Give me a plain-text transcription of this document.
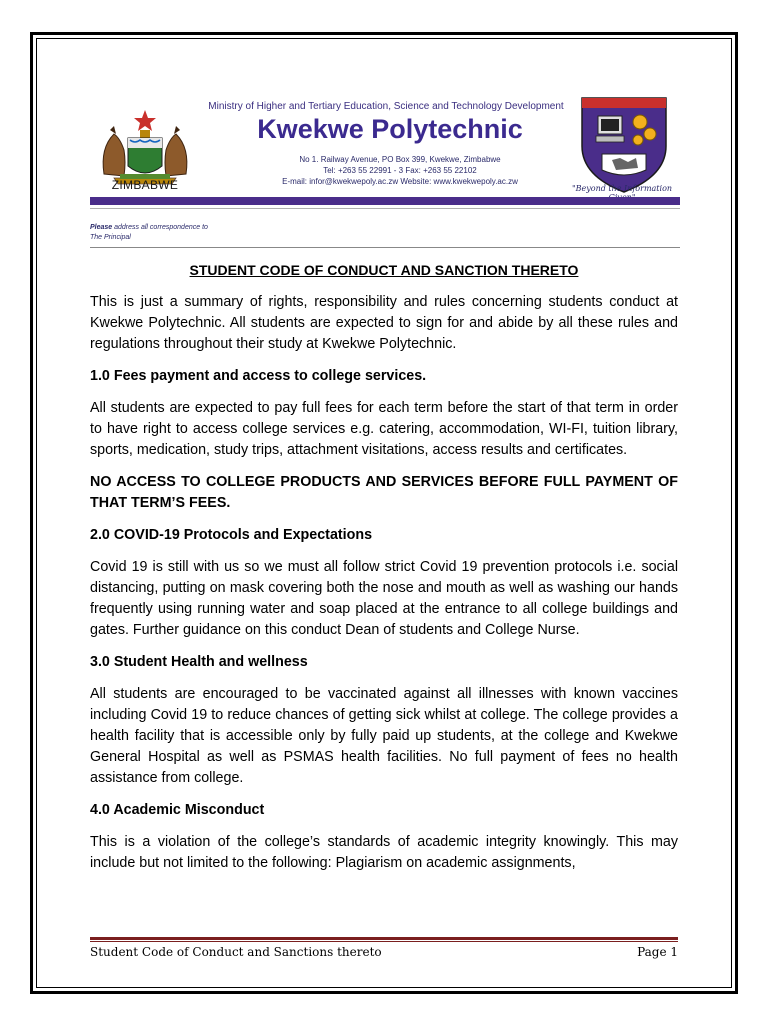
ZIMBABWE
Ministry of Higher and Tertiary Education, Science and Technology Development
Kwekwe Polytechnic
No 1. Railway Avenue, PO Box 399, Kwekwe, Zimbabwe
Tel: +263 55 22991 - 3 Fax: +263 55 22102
E-mail: infor@kwekwepoly.ac.zw Website: www.kwekwepoly.ac.zw
"Beyond the Information
Please address all correspondence to
The Principal
STUDENT CODE OF CONDUCT AND SANCTION THERETO

This is just a summary of rights, responsibility and rules concerning students conduct at Kwekwe Polytechnic. All students are expected to sign for and abide by all these rules and regulations throughout their study at Kwekwe Polytechnic.

1.0 Fees payment and access to college services.

All students are expected to pay full fees for each term before the start of that term in order to have right to access college services e.g. catering, accommodation, WI-FI, tuition library, sports, medication, study trips, attachment visitations, access results and certificates.

NO ACCESS TO COLLEGE PRODUCTS AND SERVICES BEFORE FULL PAYMENT OF THAT TERM’S FEES.

2.0 COVID-19 Protocols and Expectations

Covid 19 is still with us so we must all follow strict Covid 19 prevention protocols i.e. social distancing, putting on mask covering both the nose and mouth as well as washing our hands frequently using running water and soap placed at the entrance to all college buildings and gates. Further guidance on this conduct Dean of students and College Nurse.

3.0 Student Health and wellness

All students are encouraged to be vaccinated against all illnesses with known vaccines including Covid 19 to reduce chances of getting sick whilst at college. The college provides a health facility that is accessible only by fully paid up students, at the college and Kwekwe General Hospital as well as PSMAS health facilities. No full payment of fees no health assistance from college.

4.0 Academic Misconduct

This is a violation of the college’s standards of academic integrity knowingly. This may include but not limited to the following: Plagiarism on academic assignments,

Student Code of Conduct and Sanctions thereto	Page 1
